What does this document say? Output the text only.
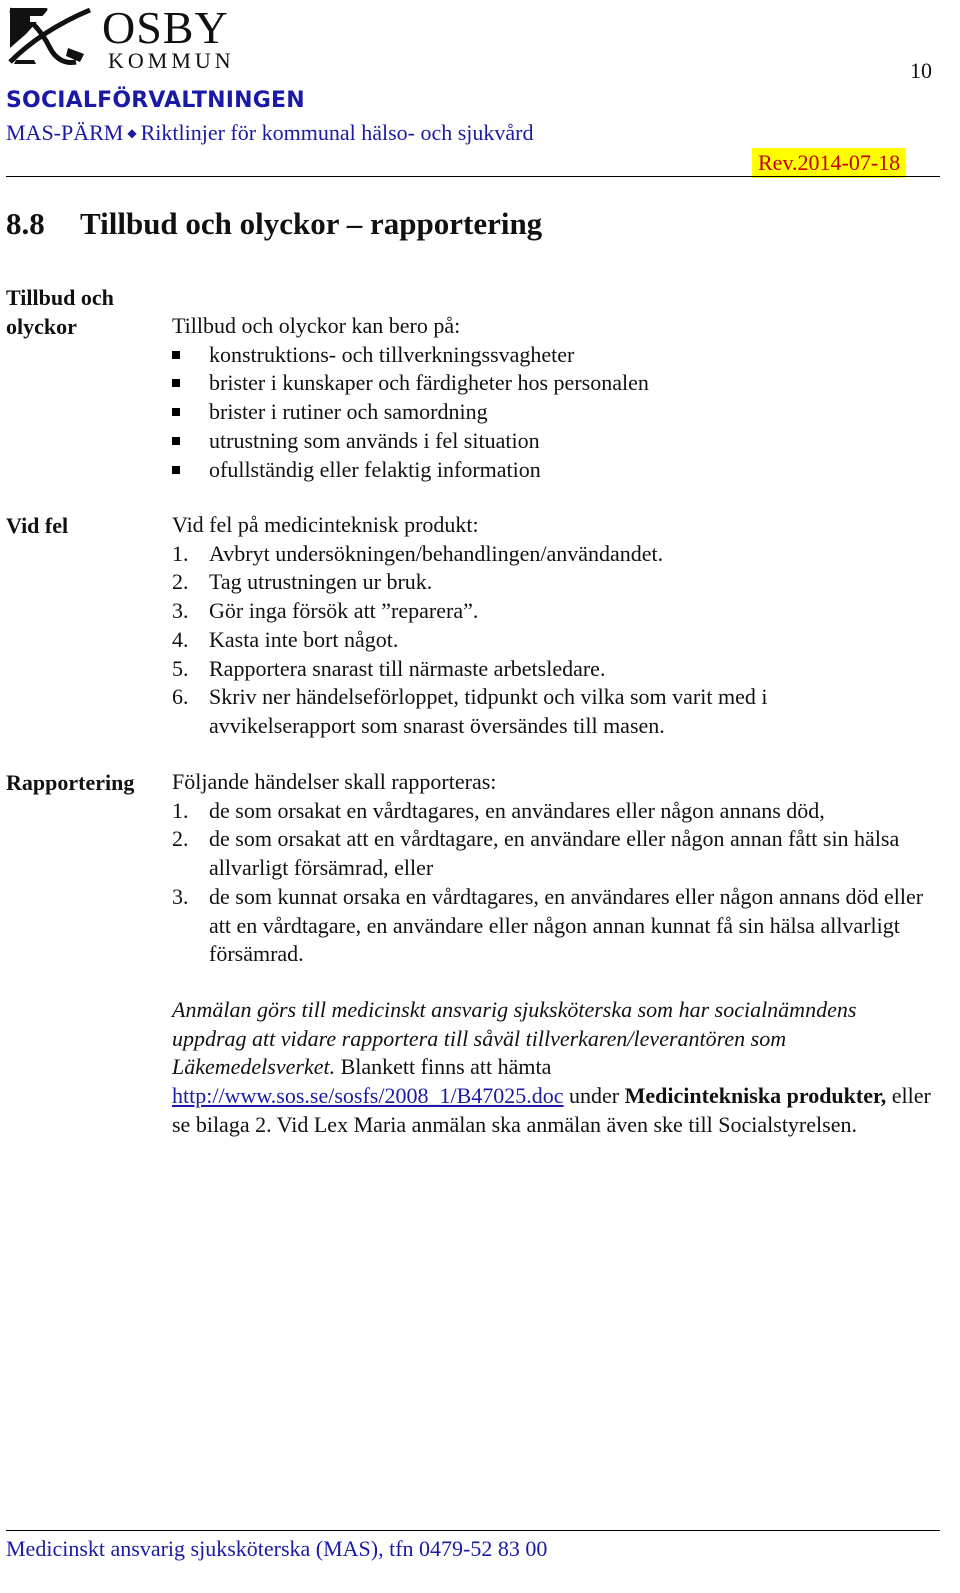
OSBY
KOMMUN	10
SOCIALFÖRVALTNINGEN
MAS-PÄRM ◆ Riktlinjer för kommunal hälso- och sjukvård
Rev.2014-07-18
8.8 Tillbud och olyckor – rapportering
Tillbud och
olyckor	Tillbud och olyckor kan bero på:
konstruktions- och tillverkningssvagheter
brister i kunskaper och färdigheter hos personalen
brister i rutiner och samordning
utrustning som används i fel situation
ofullständig eller felaktig information
Vid fel	Vid fel på medicinteknisk produkt:
1. Avbryt undersökningen/behandlingen/användandet.
2. Tag utrustningen ur bruk.
3. Gör inga försök att ”reparera”.
4. Kasta inte bort något.
5. Rapportera snarast till närmaste arbetsledare.
6. Skriv ner händelseförloppet, tidpunkt och vilka som varit med i avvikelserapport som snarast översändes till masen.
Rapportering Följande händelser skall rapporteras:
1. de som orsakat en vårdtagares, en användares eller någon annans död,
2. de som orsakat att en vårdtagare, en användare eller någon annan fått sin hälsa allvarligt försämrad, eller
3. de som kunnat orsaka en vårdtagares, en användares eller någon annans död eller att en vårdtagare, en användare eller någon annan kunnat få sin hälsa allvarligt försämrad.
Anmälan görs till medicinskt ansvarig sjuksköterska som har socialnämndens uppdrag att vidare rapportera till såväl tillverkaren/leverantören som Läkemedelsverket. Blankett finns att hämta http://www.sos.se/sosfs/2008_1/B47025.doc under Medicintekniska produkter, eller se bilaga 2. Vid Lex Maria anmälan ska anmälan även ske till Socialstyrelsen.
Medicinskt ansvarig sjuksköterska (MAS), tfn 0479-52 83 00
